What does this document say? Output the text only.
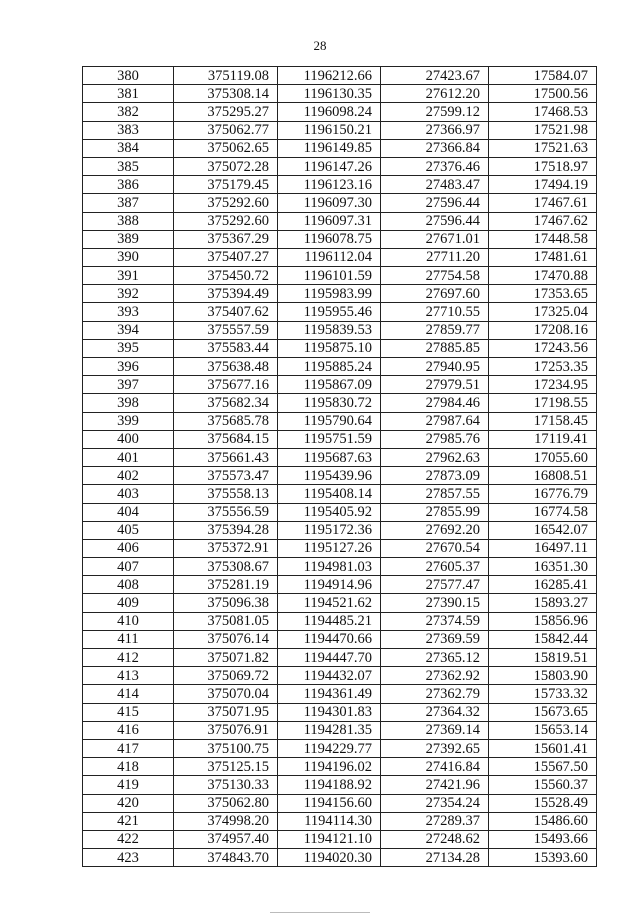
28
380	375119.08	1196212.66	27423.67	17584.07
381	375308.14	1196130.35	27612.20	17500.56
382	375295.27	1196098.24	27599.12	17468.53
383	375062.77	1196150.21	27366.97	17521.98
384	375062.65	1196149.85	27366.84	17521.63
385	375072.28	1196147.26	27376.46	17518.97
386	375179.45	1196123.16	27483.47	17494.19
387	375292.60	1196097.30	27596.44	17467.61
388	375292.60	1196097.31	27596.44	17467.62
389	375367.29	1196078.75	27671.01	17448.58
390	375407.27	1196112.04	27711.20	17481.61
391	375450.72	1196101.59	27754.58	17470.88
392	375394.49	1195983.99	27697.60	17353.65
393	375407.62	1195955.46	27710.55	17325.04
394	375557.59	1195839.53	27859.77	17208.16
395	375583.44	1195875.10	27885.85	17243.56
396	375638.48	1195885.24	27940.95	17253.35
397	375677.16	1195867.09	27979.51	17234.95
398	375682.34	1195830.72	27984.46	17198.55
399	375685.78	1195790.64	27987.64	17158.45
400	375684.15	1195751.59	27985.76	17119.41
401	375661.43	1195687.63	27962.63	17055.60
402	375573.47	1195439.96	27873.09	16808.51
403	375558.13	1195408.14	27857.55	16776.79
404	375556.59	1195405.92	27855.99	16774.58
405	375394.28	1195172.36	27692.20	16542.07
406	375372.91	1195127.26	27670.54	16497.11
407	375308.67	1194981.03	27605.37	16351.30
408	375281.19	1194914.96	27577.47	16285.41
409	375096.38	1194521.62	27390.15	15893.27
410	375081.05	1194485.21	27374.59	15856.96
411	375076.14	1194470.66	27369.59	15842.44
412	375071.82	1194447.70	27365.12	15819.51
413	375069.72	1194432.07	27362.92	15803.90
414	375070.04	1194361.49	27362.79	15733.32
415	375071.95	1194301.83	27364.32	15673.65
416	375076.91	1194281.35	27369.14	15653.14
417	375100.75	1194229.77	27392.65	15601.41
418	375125.15	1194196.02	27416.84	15567.50
419	375130.33	1194188.92	27421.96	15560.37
420	375062.80	1194156.60	27354.24	15528.49
421	374998.20	1194114.30	27289.37	15486.60
422	374957.40	1194121.10	27248.62	15493.66
423	374843.70	1194020.30	27134.28	15393.60
